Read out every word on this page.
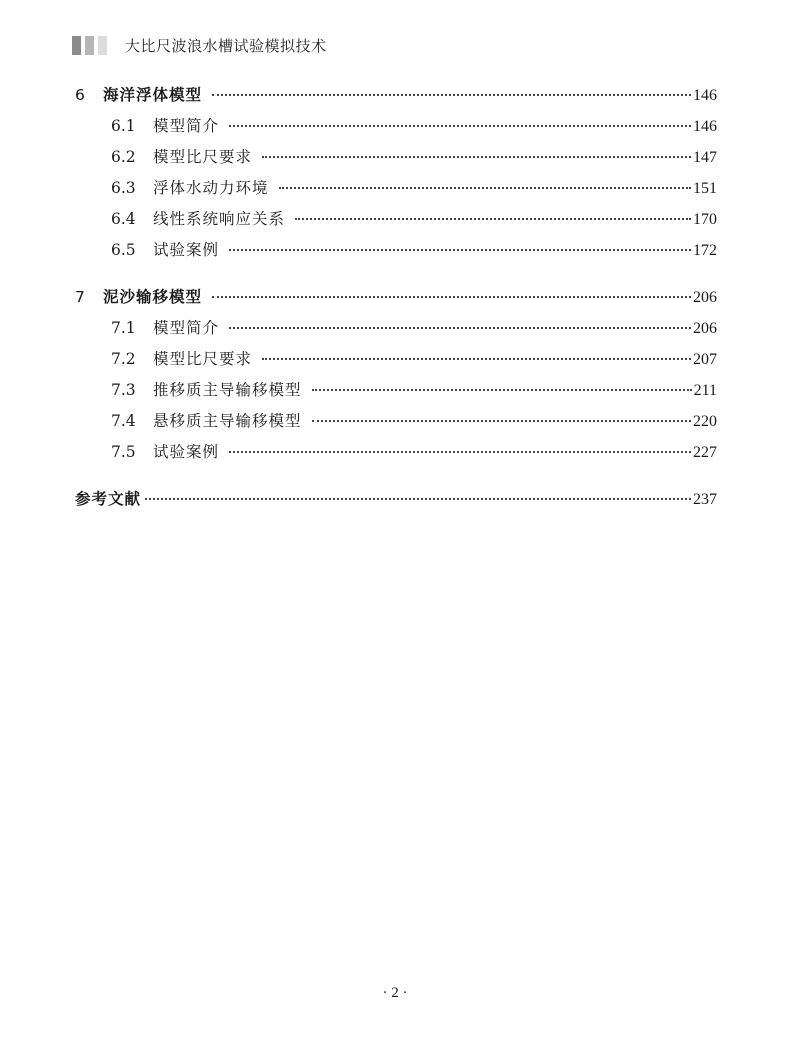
大比尺波浪水槽试验模拟技术
6	海洋浮体模型	146
6.1	模型简介	146
6.2	模型比尺要求	147
6.3	浮体水动力环境	151
6.4	线性系统响应关系	170
6.5	试验案例	172
7	泥沙输移模型	206
7.1	模型简介	206
7.2	模型比尺要求	207
7.3	推移质主导输移模型	211
7.4	悬移质主导输移模型	220
7.5	试验案例	227
参考文献	237
· 2 ·
